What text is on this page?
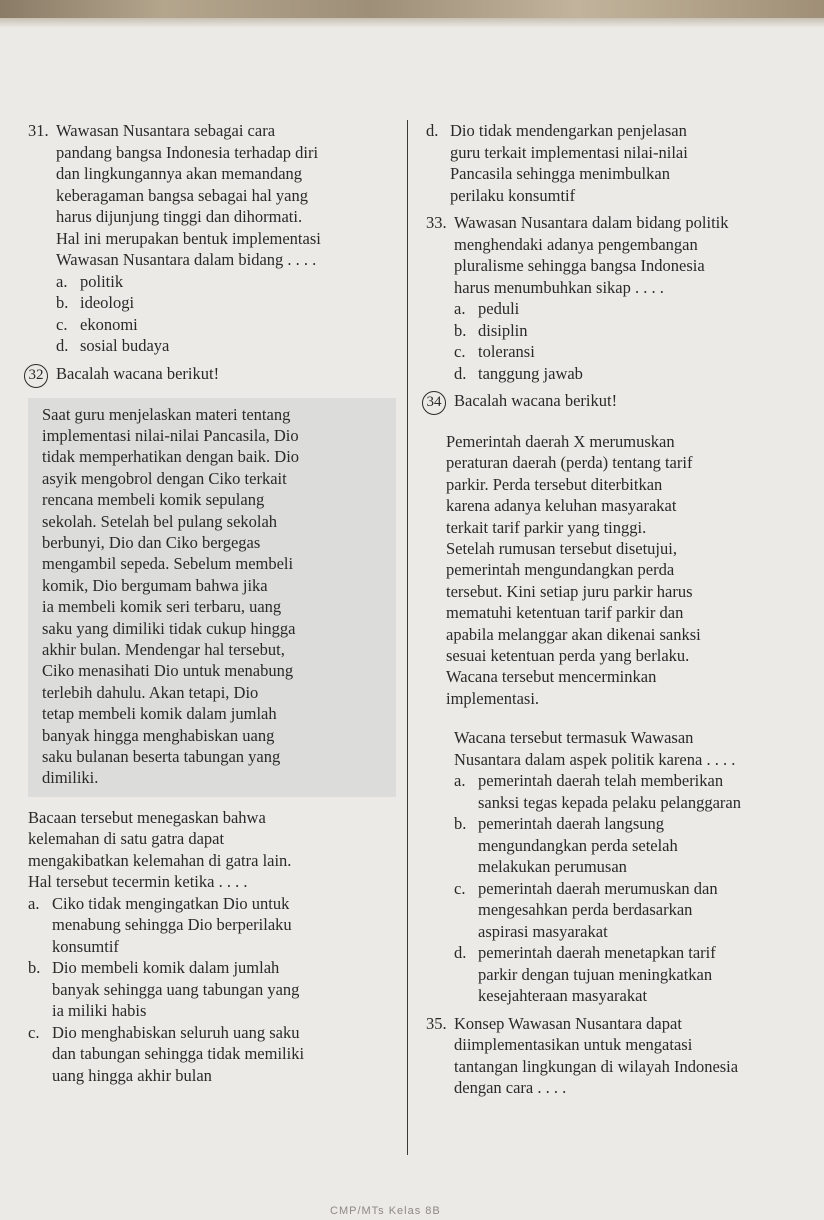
31. Wawasan Nusantara sebagai cara

pandang bangsa Indonesia terhadap diri

dan lingkungannya akan memandang

keberagaman bangsa sebagai hal yang

harus dijunjung tinggi dan dihormati.

Hal ini merupakan bentuk implementasi

Wawasan Nusantara dalam bidang . . . .

a. politik
b. ideologi
c. ekonomi
d. sosial budaya
32 Bacalah wacana berikut!
Saat guru menjelaskan materi tentang
implementasi nilai-nilai Pancasila, Dio
tidak memperhatikan dengan baik. Dio
asyik mengobrol dengan Ciko terkait
rencana membeli komik sepulang
sekolah. Setelah bel pulang sekolah
berbunyi, Dio dan Ciko bergegas
mengambil sepeda. Sebelum membeli
komik, Dio bergumam bahwa jika
ia membeli komik seri terbaru, uang
saku yang dimiliki tidak cukup hingga
akhir bulan. Mendengar hal tersebut,
Ciko menasihati Dio untuk menabung
terlebih dahulu. Akan tetapi, Dio
tetap membeli komik dalam jumlah
banyak hingga menghabiskan uang
saku bulanan beserta tabungan yang
dimiliki.

Bacaan tersebut menegaskan bahwa

kelemahan di satu gatra dapat

mengakibatkan kelemahan di gatra lain.

Hal tersebut tecermin ketika . . . .

a. Ciko tidak mengingatkan Dio untuk
menabung sehingga Dio berperilaku
konsumtif
b. Dio membeli komik dalam jumlah
banyak sehingga uang tabungan yang
ia miliki habis
c. Dio menghabiskan seluruh uang saku
dan tabungan sehingga tidak memiliki
uang hingga akhir bulan
d. Dio tidak mendengarkan penjelasan
guru terkait implementasi nilai-nilai
Pancasila sehingga menimbulkan
perilaku konsumtif
33. Wawasan Nusantara dalam bidang politik

menghendaki adanya pengembangan

pluralisme sehingga bangsa Indonesia

harus menumbuhkan sikap . . . .

a. peduli
b. disiplin
c. toleransi
d. tanggung jawab
34 Bacalah wacana berikut!
Pemerintah daerah X merumuskan
peraturan daerah (perda) tentang tarif
parkir. Perda tersebut diterbitkan
karena adanya keluhan masyarakat
terkait tarif parkir yang tinggi.
Setelah rumusan tersebut disetujui,
pemerintah mengundangkan perda
tersebut. Kini setiap juru parkir harus
mematuhi ketentuan tarif parkir dan
apabila melanggar akan dikenai sanksi
sesuai ketentuan perda yang berlaku.
Wacana tersebut mencerminkan
implementasi.

Wacana tersebut termasuk Wawasan

Nusantara dalam aspek politik karena . . . .

a. pemerintah daerah telah memberikan
sanksi tegas kepada pelaku pelanggaran
b. pemerintah daerah langsung
mengundangkan perda setelah
melakukan perumusan
c. pemerintah daerah merumuskan dan
mengesahkan perda berdasarkan
aspirasi masyarakat
d. pemerintah daerah menetapkan tarif
parkir dengan tujuan meningkatkan
kesejahteraan masyarakat
35. Konsep Wawasan Nusantara dapat

diimplementasikan untuk mengatasi

tantangan lingkungan di wilayah Indonesia

dengan cara . . . .

CMP/MTs Kelas 8B
